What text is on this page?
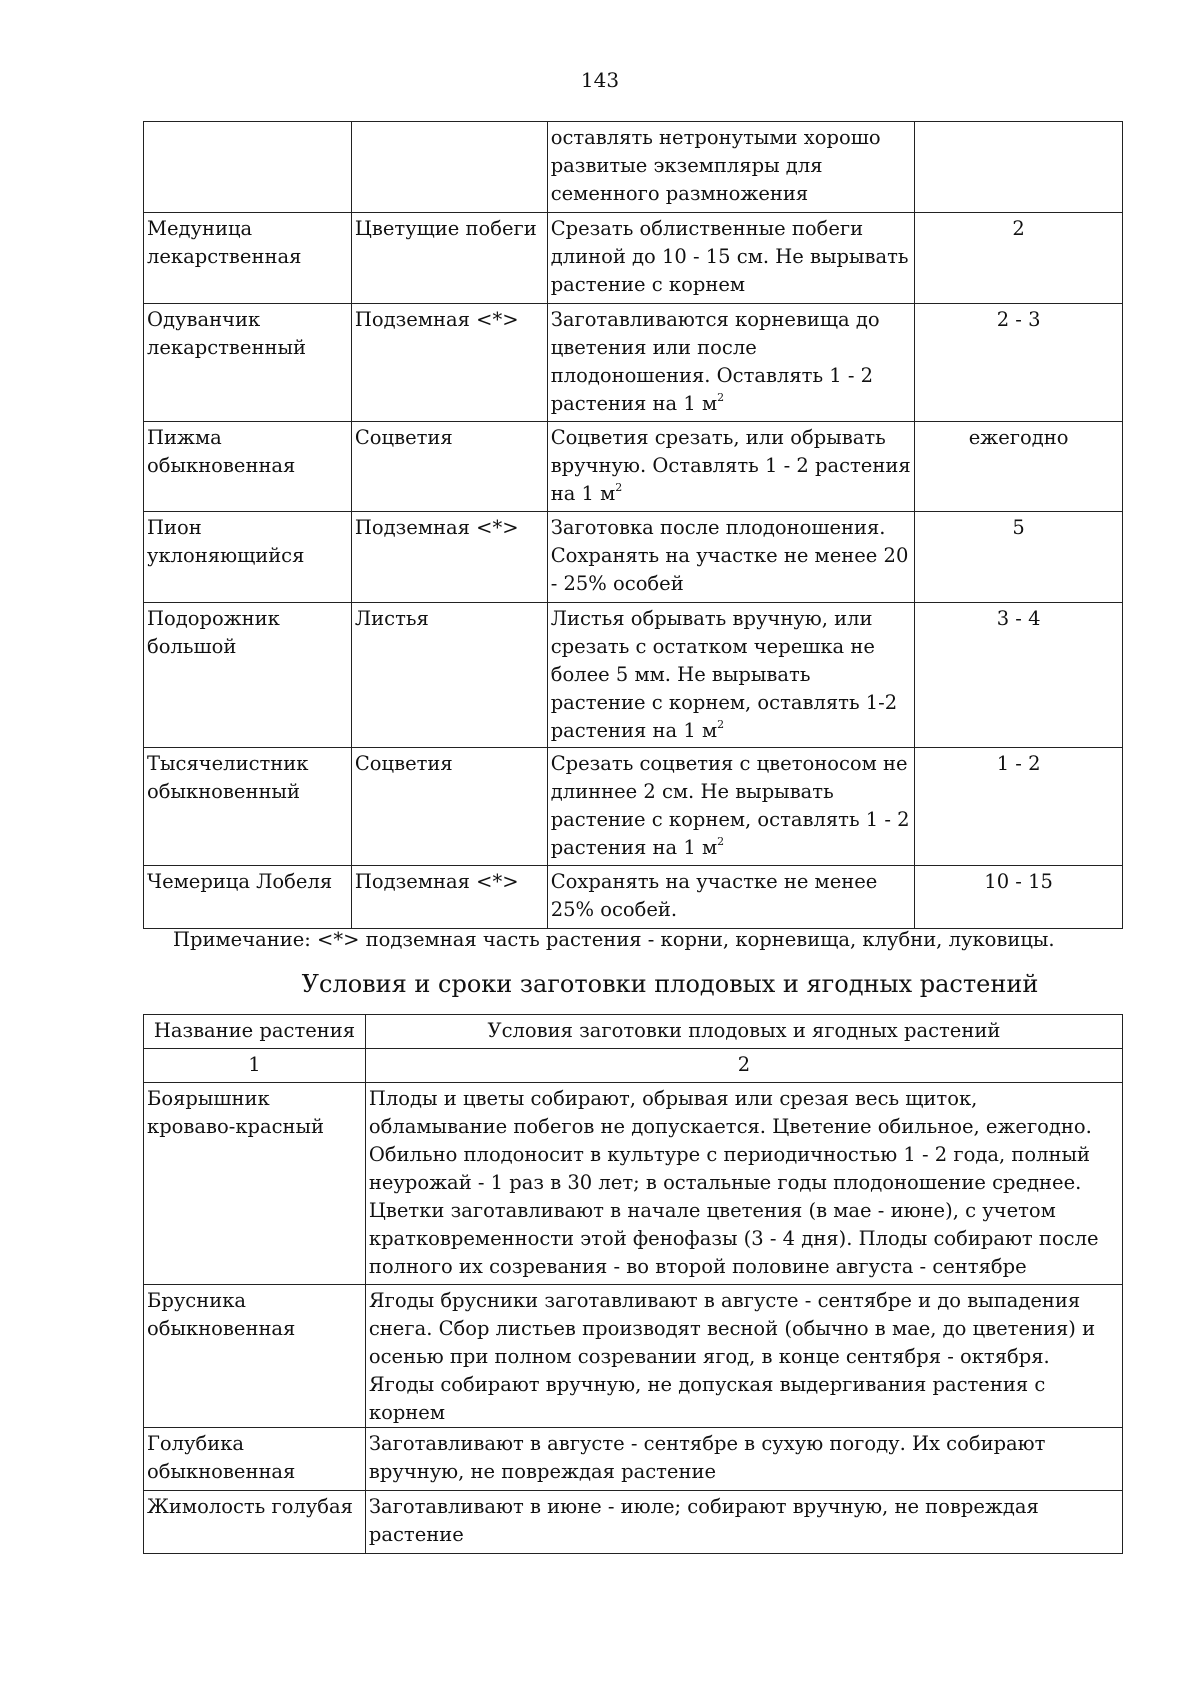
143
		оставлять нетронутыми хорошо развитые экземпляры для семенного размножения	
Медуница лекарственная	Цветущие побеги	Срезать облиственные побеги длиной до 10 - 15 см. Не вырывать растение с корнем	2
Одуванчик лекарственный	Подземная <*>	Заготавливаются корневища до цветения или после плодоношения. Оставлять 1 - 2 растения на 1 $м^2$	2 - 3
Пижма обыкновенная	Соцветия	Соцветия срезать, или обрывать вручную. Оставлять 1 - 2 растения на 1 $м^2$	ежегодно
Пион уклоняющийся	Подземная <*>	Заготовка после плодоношения. Сохранять на участке не менее 20 - 25% особей	5
Подорожник большой	Листья	Листья обрывать вручную, или срезать с остатком черешка не более 5 мм. Не вырывать растение с корнем, оставлять 1-2 растения на 1 $м^2$	3 - 4
Тысячелистник обыкновенный	Соцветия	Срезать соцветия с цветоносом не длиннее 2 см. Не вырывать растение с корнем, оставлять 1 - 2 растения на 1 $м^2$	1 - 2
Чемерица Лобеля	Подземная <*>	Сохранять на участке не менее 25% особей.	10 - 15
Примечание: <*> подземная часть растения - корни, корневища, клубни, луковицы.
Условия и сроки заготовки плодовых и ягодных растений
Название растения	Условия заготовки плодовых и ягодных растений
1	2
Боярышник кроваво-красный	Плоды и цветы собирают, обрывая или срезая весь щиток, обламывание побегов не допускается. Цветение обильное, ежегодно. Обильно плодоносит в культуре с периодичностью 1 - 2 года, полный неурожай - 1 раз в 30 лет; в остальные годы плодоношение среднее. Цветки заготавливают в начале цветения (в мае - июне), с учетом кратковременности этой фенофазы (3 - 4 дня). Плоды собирают после полного их созревания - во второй половине августа - сентябре
Брусника обыкновенная	Ягоды брусники заготавливают в августе - сентябре и до выпадения снега. Сбор листьев производят весной (обычно в мае, до цветения) и осенью при полном созревании ягод, в конце сентября - октября. Ягоды собирают вручную, не допуская выдергивания растения с корнем
Голубика обыкновенная	Заготавливают в августе - сентябре в сухую погоду. Их собирают вручную, не повреждая растение
Жимолость голубая	Заготавливают в июне - июле; собирают вручную, не повреждая растение
